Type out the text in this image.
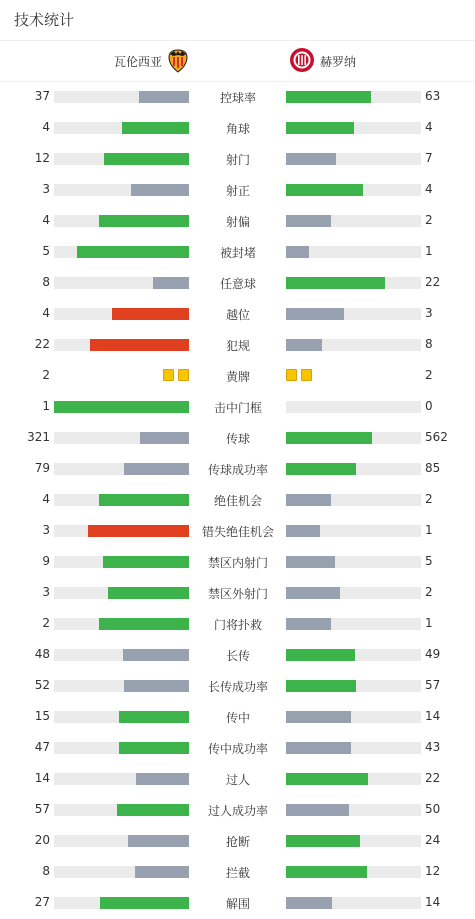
技术统计
瓦伦西亚	赫罗纳
37	控球率	63
4	角球	4
12	射门	7
3	射正	4
4	射偏	2
5	被封堵	1
8	任意球	22
4	越位	3
22	犯规	8
2	黄牌	2
1	击中门框	0
321	传球	562
79	传球成功率	85
4	绝佳机会	2
3	错失绝佳机会	1
9	禁区内射门	5
3	禁区外射门	2
2	门将扑救	1
48	长传	49
52	长传成功率	57
15	传中	14
47	传中成功率	43
14	过人	22
57	过人成功率	50
20	抢断	24
8	拦截	12
27	解围	14
